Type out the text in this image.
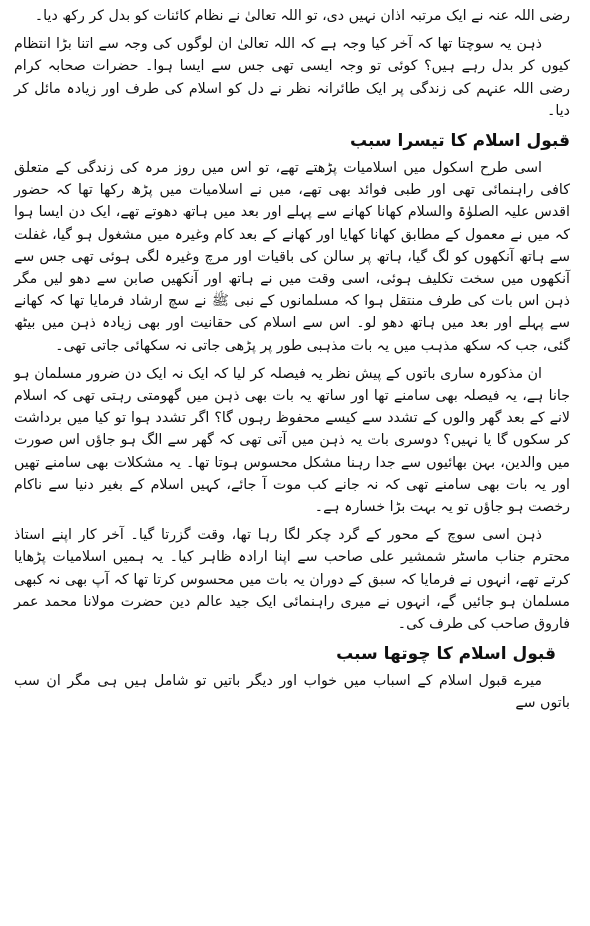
رضی اللہ عنہ نے ایک مرتبہ اذان نہیں دی، تو اللہ تعالیٰ نے نظام کائنات کو بدل کر رکھ دیا۔

ذہن یہ سوچتا تھا کہ آخر کیا وجہ ہے کہ اللہ تعالیٰ ان لوگوں کی وجہ سے اتنا بڑا انتظام کیوں کر بدل رہے ہیں؟ کوئی تو وجہ ایسی تھی جس سے ایسا ہوا۔ حضرات صحابہ کرام رضی اللہ عنہم کی زندگی پر ایک طائرانہ نظر نے دل کو اسلام کی طرف اور زیادہ مائل کر دیا۔

قبول اسلام کا تیسرا سبب

اسی طرح اسکول میں اسلامیات پڑھتے تھے، تو اس میں روز مرہ کی زندگی کے متعلق کافی راہنمائی تھی اور طبی فوائد بھی تھے، میں نے اسلامیات میں پڑھ رکھا تھا کہ حضور اقدس علیہ الصلوٰۃ والسلام کھانا کھانے سے پہلے اور بعد میں ہاتھ دھوتے تھے، ایک دن ایسا ہوا کہ میں نے معمول کے مطابق کھانا کھایا اور کھانے کے بعد کام وغیرہ میں مشغول ہو گیا، غفلت سے ہاتھ آنکھوں کو لگ گیا، ہاتھ پر سالن کی باقیات اور مرچ وغیرہ لگی ہوئی تھی جس سے آنکھوں میں سخت تکلیف ہوئی، اسی وقت میں نے ہاتھ اور آنکھیں صابن سے دھو لیں مگر ذہن اس بات کی طرف منتقل ہوا کہ مسلمانوں کے نبی ﷺ نے سچ ارشاد فرمایا تھا کہ کھانے سے پہلے اور بعد میں ہاتھ دھو لو۔ اس سے اسلام کی حقانیت اور بھی زیادہ ذہن میں بیٹھ گئی، جب کہ سکھ مذہب میں یہ بات مذہبی طور پر پڑھی جاتی نہ سکھائی جاتی تھی۔

ان مذکورہ ساری باتوں کے پیش نظر یہ فیصلہ کر لیا کہ ایک نہ ایک دن ضرور مسلمان ہو جانا ہے، یہ فیصلہ بھی سامنے تھا اور ساتھ یہ بات بھی ذہن میں گھومتی رہتی تھی کہ اسلام لانے کے بعد گھر والوں کے تشدد سے کیسے محفوظ رہوں گا؟ اگر تشدد ہوا تو کیا میں برداشت کر سکوں گا یا نہیں؟ دوسری بات یہ ذہن میں آتی تھی کہ گھر سے الگ ہو جاؤں اس صورت میں والدین، بہن بھائیوں سے جدا رہنا مشکل محسوس ہوتا تھا۔ یہ مشکلات بھی سامنے تھیں اور یہ بات بھی سامنے تھی کہ نہ جانے کب موت آ جائے، کہیں اسلام کے بغیر دنیا سے ناکام رخصت ہو جاؤں تو یہ بہت بڑا خسارہ ہے۔

ذہن اسی سوچ کے محور کے گرد چکر لگا رہا تھا، وقت گزرتا گیا۔ آخر کار اپنے استاذ محترم جناب ماسٹر شمشیر علی صاحب سے اپنا ارادہ ظاہر کیا۔ یہ ہمیں اسلامیات پڑھایا کرتے تھے، انہوں نے فرمایا کہ سبق کے دوران یہ بات میں محسوس کرتا تھا کہ آپ بھی نہ کبھی مسلمان ہو جائیں گے، انہوں نے میری راہنمائی ایک جید عالم دین حضرت مولانا محمد عمر فاروق صاحب کی طرف کی۔

قبول اسلام کا چوتھا سبب

میرے قبول اسلام کے اسباب میں خواب اور دیگر باتیں تو شامل ہیں ہی مگر ان سب باتوں سے
